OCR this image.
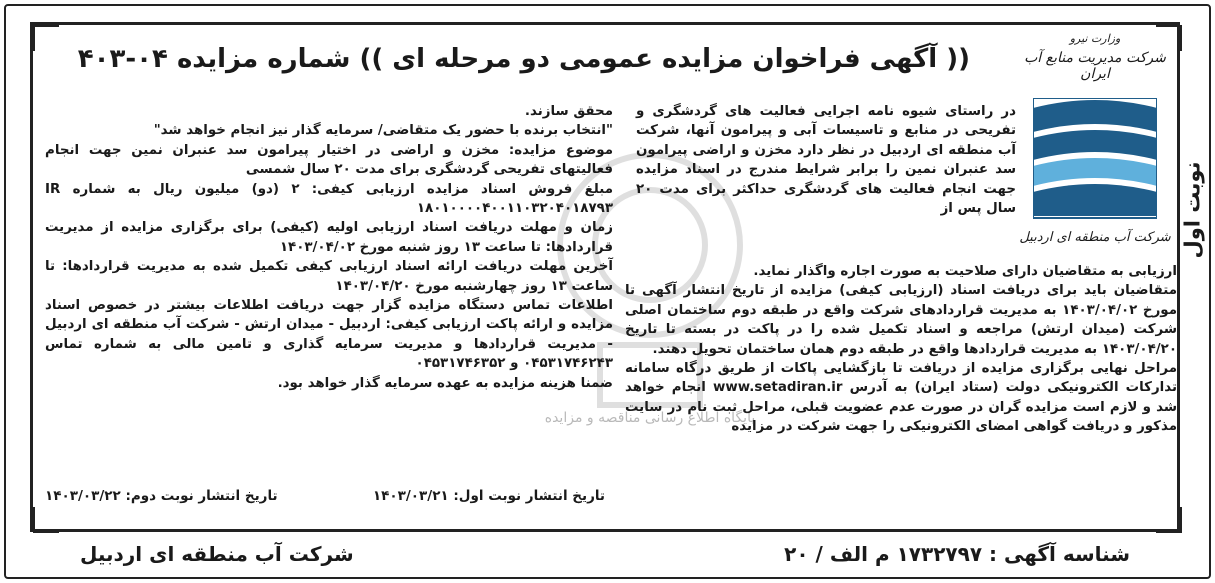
پایگاه اطلاع رسانی مناقصه و مزایده
(( آگهی فراخوان مزایده عمومی دو مرحله ای )) شماره مزایده ۰۴-۴۰۳
نوبت اول
وزارت نیرو
شرکت مدیریت منابع آب ایران
شرکت آب منطقه ای اردبیل

در راستای شیوه نامه اجرایی فعالیت های گردشگری و تفریحی در منابع و تاسیسات آبی و پیرامون آنها، شرکت آب منطقه ای اردبیل در نظر دارد مخزن و اراضی پیرامون سد عنبران نمین را برابر شرایط مندرج در اسناد مزایده جهت انجام فعالیت های گردشگری حداکثر برای مدت ۲۰ سال پس از

ارزیابی به متقاضیان دارای صلاحیت به صورت اجاره واگذار نماید.

متقاضیان باید برای دریافت اسناد (ارزیابی کیفی) مزایده از تاریخ انتشار آگهی تا مورخ ۱۴۰۳/۰۴/۰۲ به مدیریت قراردادهای شرکت واقع در طبقه دوم ساختمان اصلی شرکت (میدان ارتش) مراجعه و اسناد تکمیل شده را در پاکت در بسته تا تاریخ ۱۴۰۳/۰۴/۲۰ به مدیریت قراردادها واقع در طبقه دوم همان ساختمان تحویل دهند.

مراحل نهایی برگزاری مزایده از دریافت تا بازگشایی پاکات از طریق درگاه سامانه تدارکات الکترونیکی دولت (ستاد ایران) به آدرس www.setadiran.ir انجام خواهد شد و لازم است مزایده گران در صورت عدم عضویت قبلی، مراحل ثبت نام در سایت مذکور و دریافت گواهی امضای الکترونیکی را جهت شرکت در مزایده

محقق سازند.

"انتخاب برنده با حضور یک متقاضی/ سرمایه گذار نیز انجام خواهد شد"

موضوع مزایده: مخزن و اراضی در اختیار پیرامون سد عنبران نمین جهت انجام فعالیتهای تفریحی گردشگری برای مدت ۲۰ سال شمسی

مبلغ فروش اسناد مزایده ارزیابی کیفی: ۲ (دو) میلیون ریال به شماره IR ۱۸۰۱۰۰۰۰۴۰۰۱۱۰۳۲۰۴۰۱۸۷۹۳

زمان و مهلت دریافت اسناد ارزیابی اولیه (کیفی) برای برگزاری مزایده از مدیریت قراردادها: تا ساعت ۱۳ روز شنبه مورخ ۱۴۰۳/۰۴/۰۲

آخرین مهلت دریافت ارائه اسناد ارزیابی کیفی تکمیل شده به مدیریت قراردادها: تا ساعت ۱۳ روز چهارشنبه مورخ ۱۴۰۳/۰۴/۲۰

اطلاعات تماس دستگاه مزایده گزار جهت دریافت اطلاعات بیشتر در خصوص اسناد مزایده و ارائه پاکت ارزیابی کیفی: اردبیل - میدان ارتش - شرکت آب منطقه ای اردبیل - مدیریت قراردادها و مدیریت سرمایه گذاری و تامین مالی به شماره تماس ۰۴۵۳۱۷۴۶۲۴۳ و ۰۴۵۳۱۷۴۶۳۵۲

ضمنا هزینه مزایده به عهده سرمایه گذار خواهد بود.

تاریخ انتشار نوبت اول: ۱۴۰۳/۰۳/۲۱
تاریخ انتشار نوبت دوم: ۱۴۰۳/۰۳/۲۲
شناسه آگهی : ۱۷۳۲۷۹۷ م الف / ۲۰
شرکت آب منطقه ای اردبیل
